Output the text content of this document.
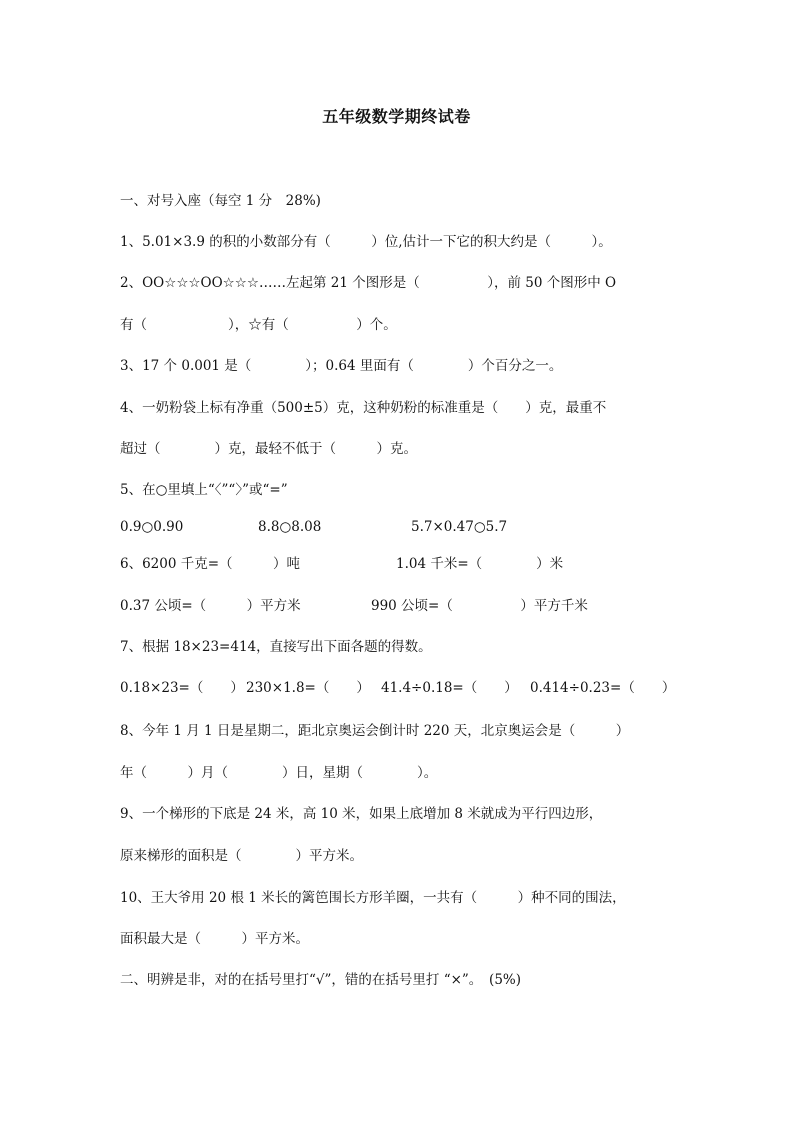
五年级数学期终试卷
一、对号入座（每空 1 分　28%)
1、5.01×3.9 的积的小数部分有（　　　）位,估计一下它的积大约是（　　　）。
2、OO☆☆☆OO☆☆☆……左起第 21 个图形是（　　　　　），前 50 个图形中 O
有（　　　　　　），☆有（　　　　　）个。
3、17 个 0.001 是（　　　　）；0.64 里面有（　　　　）个百分之一。
4、一奶粉袋上标有净重（500±5）克，这种奶粉的标准重是（　　）克，最重不
超过（　　　　）克，最轻不低于（　　　）克。
5、在○里填上“〈”“〉”或“=”

0.9○0.90

	8.8○8.08

	5.7×0.47○5.7

6、6200 千克=（　　　）吨

	1.04 千米=（　　　　）米

0.37 公顷=（　　　）平方米

	990 公顷=（　　　　　）平方千米

7、根据 18×23=414，直接写出下面各题的得数。

0.18×23=（　　）

230×1.8=（　　）

41.4÷0.18=（　　）

0.414÷0.23=（　　）

8、今年 1 月 1 日是星期二，距北京奥运会倒计时 220 天，北京奥运会是（　　　）
年（　　　）月（　　　　）日，星期（　　　　）。
9、一个梯形的下底是 24 米，高 10 米，如果上底增加 8 米就成为平行四边形，
原来梯形的面积是（　　　　）平方米。
10、王大爷用 20 根 1 米长的篱笆围长方形羊圈，一共有（　　　）种不同的围法，
面积最大是（　　　）平方米。
二、明辨是非，对的在括号里打“√”，错的在括号里打 “×”。　(5%)
